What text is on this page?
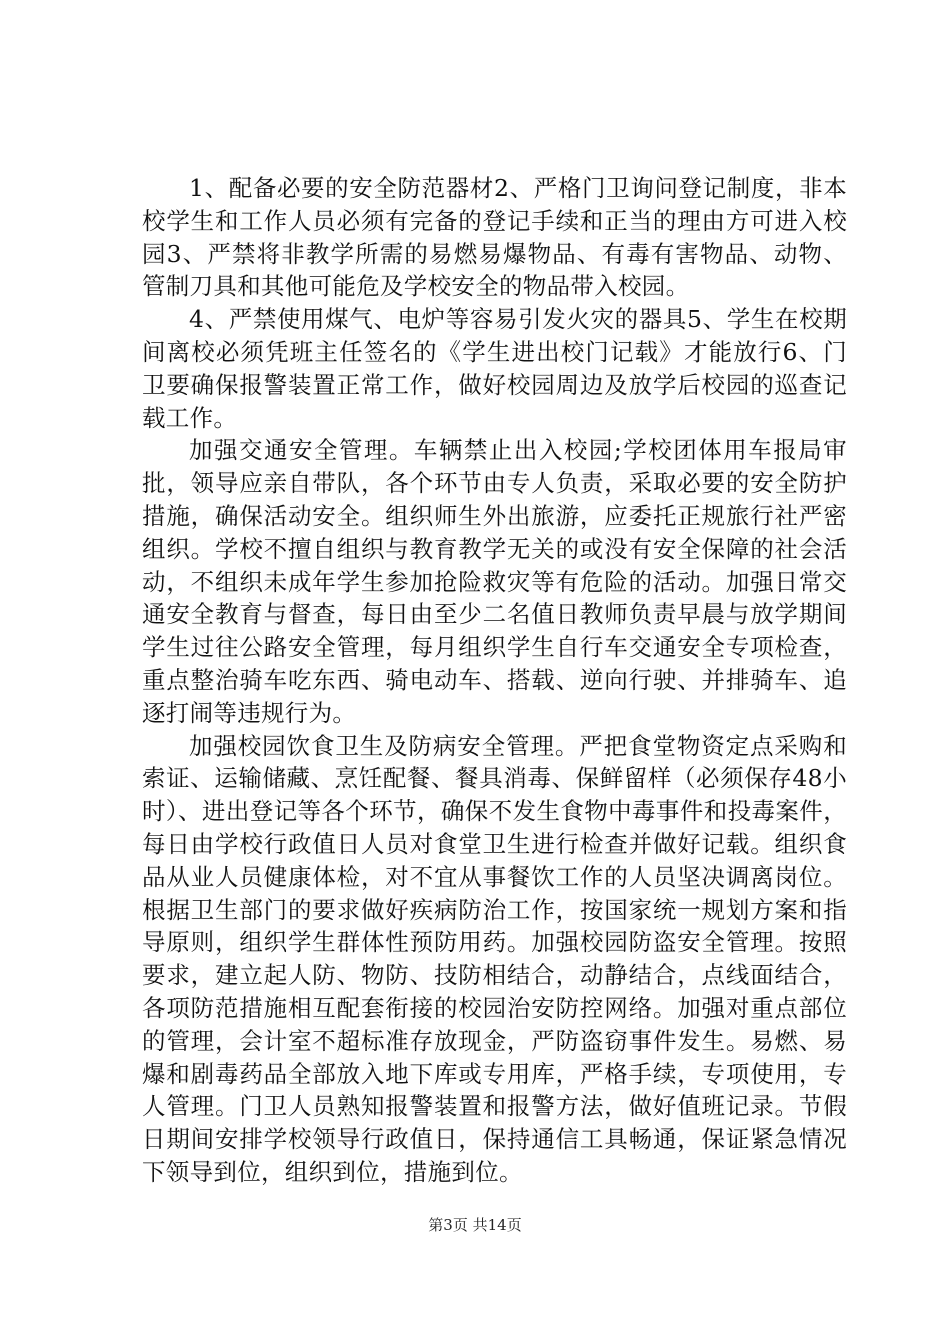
1、配备必要的安全防范器材2、严格门卫询问登记制度，非本校学生和工作人员必须有完备的登记手续和正当的理由方可进入校园3、严禁将非教学所需的易燃易爆物品、有毒有害物品、动物、管制刀具和其他可能危及学校安全的物品带入校园。

4、严禁使用煤气、电炉等容易引发火灾的器具5、学生在校期间离校必须凭班主任签名的《学生进出校门记载》才能放行6、门卫要确保报警装置正常工作，做好校园周边及放学后校园的巡查记载工作。

加强交通安全管理。车辆禁止出入校园;学校团体用车报局审批，领导应亲自带队，各个环节由专人负责，采取必要的安全防护措施，确保活动安全。组织师生外出旅游，应委托正规旅行社严密组织。学校不擅自组织与教育教学无关的或没有安全保障的社会活动，不组织未成年学生参加抢险救灾等有危险的活动。加强日常交通安全教育与督查，每日由至少二名值日教师负责早晨与放学期间学生过往公路安全管理，每月组织学生自行车交通安全专项检查，重点整治骑车吃东西、骑电动车、搭载、逆向行驶、并排骑车、追逐打闹等违规行为。

加强校园饮食卫生及防病安全管理。严把食堂物资定点采购和索证、运输储藏、烹饪配餐、餐具消毒、保鲜留样（必须保存48小时）、进出登记等各个环节，确保不发生食物中毒事件和投毒案件，每日由学校行政值日人员对食堂卫生进行检查并做好记载。组织食品从业人员健康体检，对不宜从事餐饮工作的人员坚决调离岗位。根据卫生部门的要求做好疾病防治工作，按国家统一规划方案和指导原则，组织学生群体性预防用药。加强校园防盗安全管理。按照要求，建立起人防、物防、技防相结合，动静结合，点线面结合，各项防范措施相互配套衔接的校园治安防控网络。加强对重点部位的管理，会计室不超标准存放现金，严防盗窃事件发生。易燃、易爆和剧毒药品全部放入地下库或专用库，严格手续，专项使用，专人管理。门卫人员熟知报警装置和报警方法，做好值班记录。节假日期间安排学校领导行政值日，保持通信工具畅通，保证紧急情况下领导到位，组织到位，措施到位。

第3页 共14页
